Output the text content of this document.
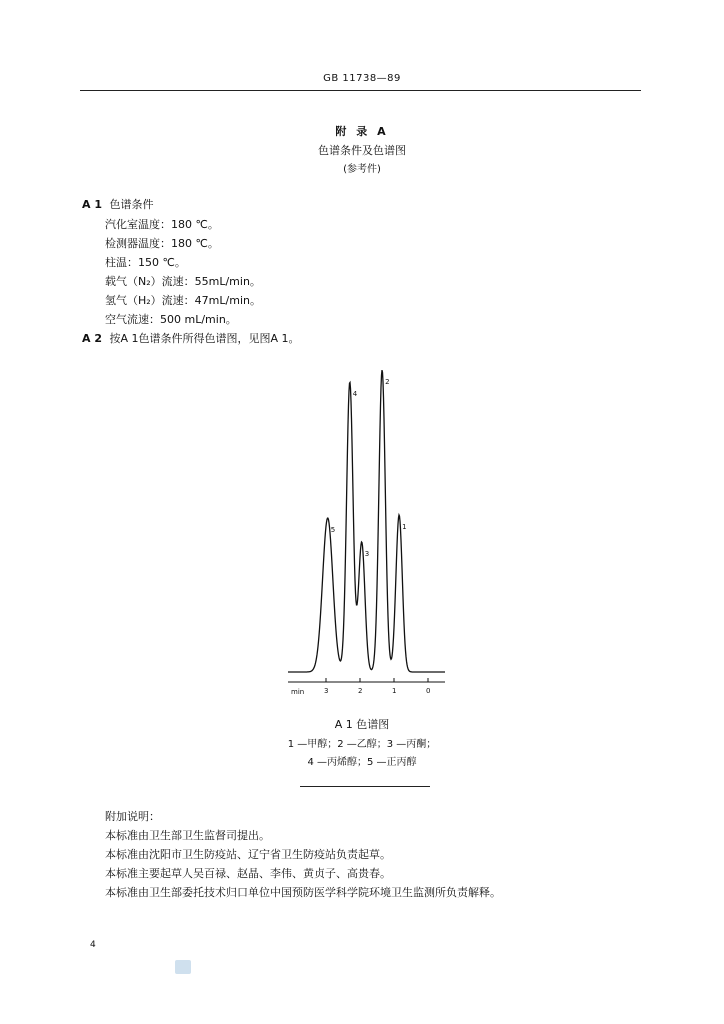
GB 11738—89
附 录 A
色谱条件及色谱图
(参考件)
A 1 色谱条件
汽化室温度：180 ℃。
检测器温度：180 ℃。
柱温：150 ℃。
载气（N₂）流速：55mL/min。
氢气（H₂）流速：47mL/min。
空气流速：500 mL/min。
A 2 按A 1色谱条件所得色谱图，见图A 1。
1
2
3
4
5
3	2	1	0
min
A 1 色谱图
1 —甲醇；2 —乙醇；3 —丙酮；
4 —丙烯醇；5 —正丙醇
附加说明：
本标准由卫生部卫生监督司提出。
本标准由沈阳市卫生防疫站、辽宁省卫生防疫站负责起草。
本标准主要起草人吴百禄、赵晶、李伟、黄贞子、高贵春。
本标准由卫生部委托技术归口单位中国预防医学科学院环境卫生监测所负责解释。
4
